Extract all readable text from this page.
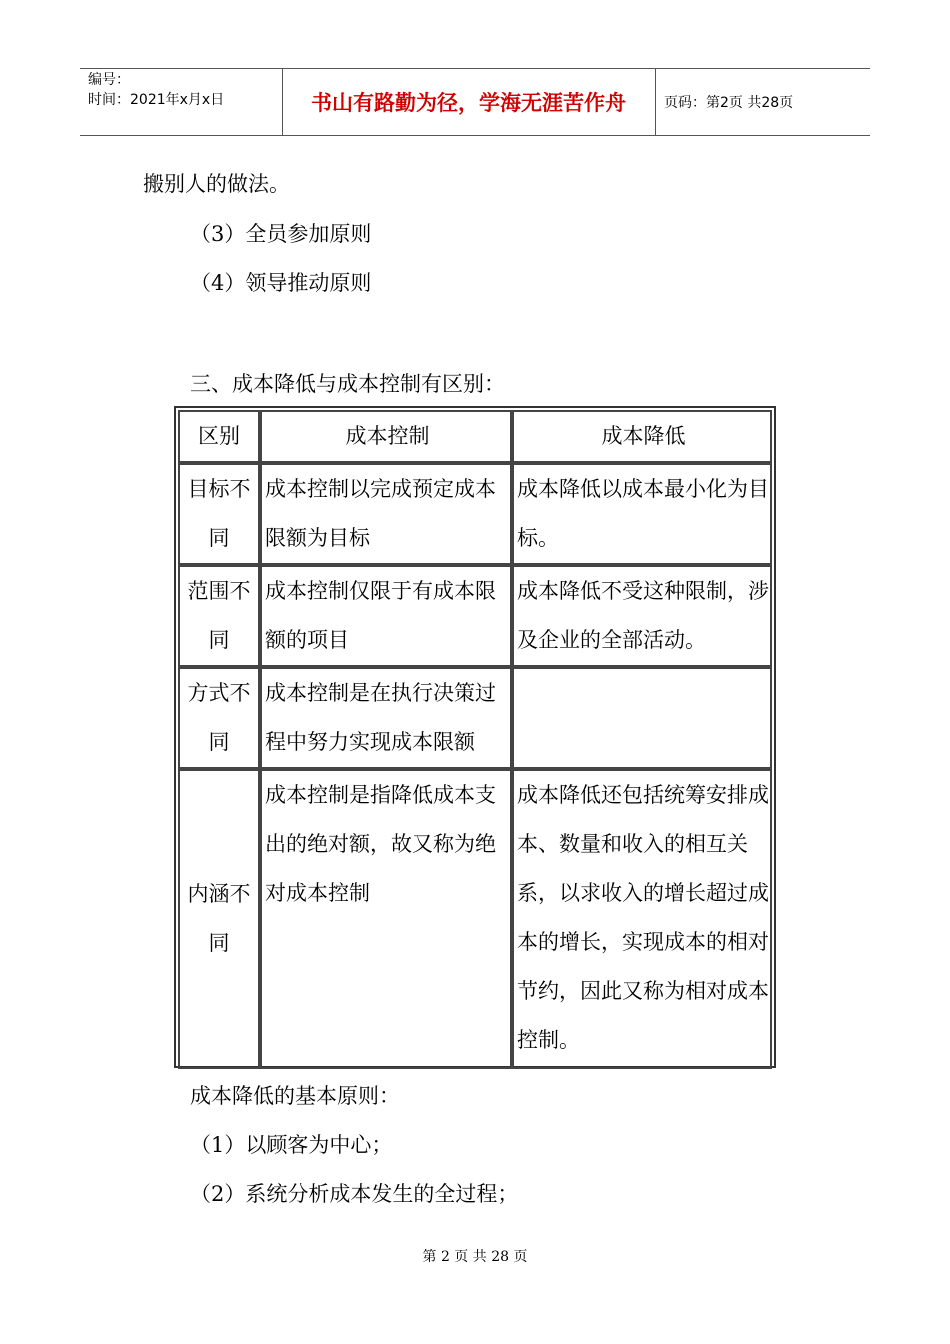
编号：
时间：2021年x月x日	书山有路勤为径，学海无涯苦作舟	页码：第2页 共28页
搬别人的做法。
（3）全员参加原则
（4）领导推动原则
三、成本降低与成本控制有区别：
区别	成本控制	成本降低

目标不同	成本控制以完成预定成本限额为目标	成本降低以成本最小化为目标。

范围不同	成本控制仅限于有成本限额的项目	成本降低不受这种限制，涉及企业的全部活动。

方式不同	成本控制是在执行决策过程中努力实现成本限额	

内涵不同	成本控制是指降低成本支出的绝对额，故又称为绝对成本控制	成本降低还包括统筹安排成本、数量和收入的相互关系，以求收入的增长超过成本的增长，实现成本的相对节约，因此又称为相对成本控制。
成本降低的基本原则：
（1）以顾客为中心；
（2）系统分析成本发生的全过程；
第 2 页 共 28 页
